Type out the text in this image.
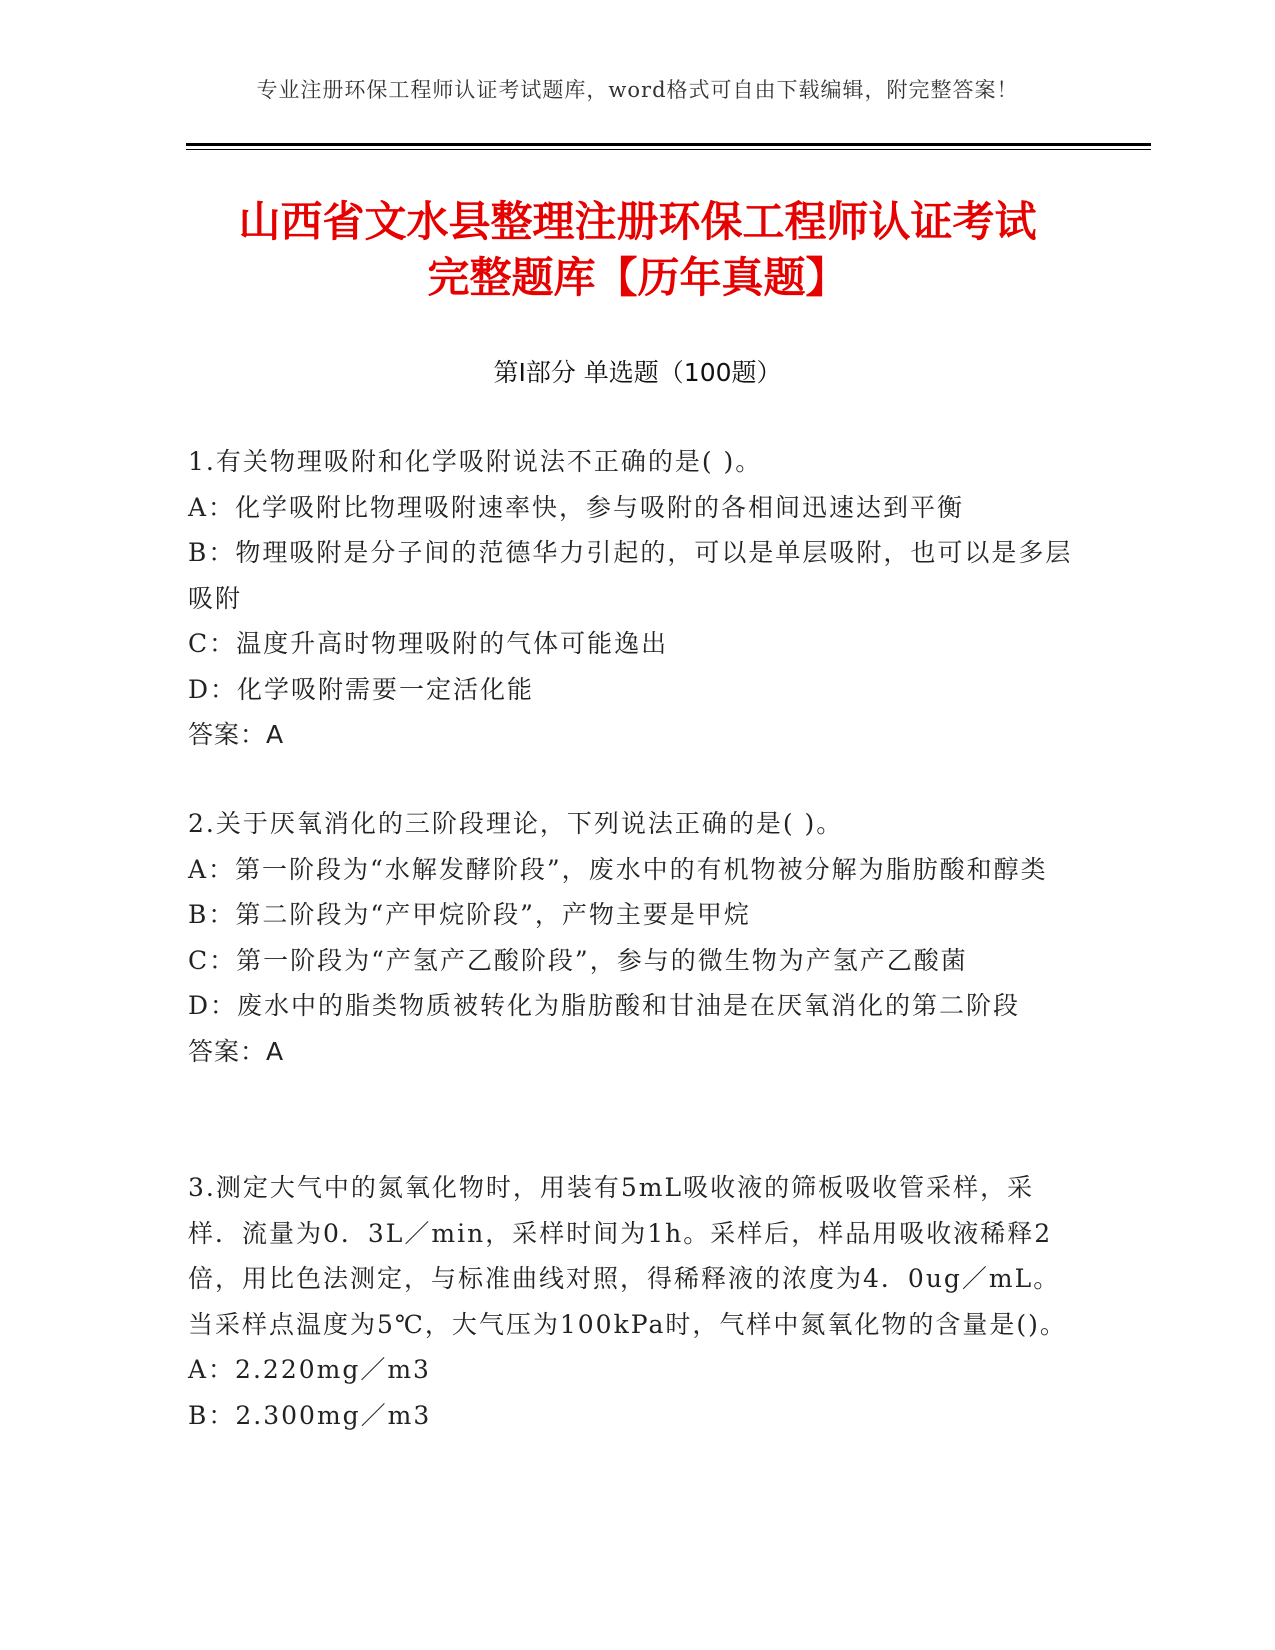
专业注册环保工程师认证考试题库，word格式可自由下载编辑，附完整答案！
山西省文水县整理注册环保工程师认证考试
完整题库【历年真题】
第Ⅰ部分 单选题（100题）

1.有关物理吸附和化学吸附说法不正确的是( )。

A：化学吸附比物理吸附速率快，参与吸附的各相间迅速达到平衡

B：物理吸附是分子间的范德华力引起的，可以是单层吸附，也可以是多层吸附

C：温度升高时物理吸附的气体可能逸出

D：化学吸附需要一定活化能

答案：A

2.关于厌氧消化的三阶段理论，下列说法正确的是( )。

A：第一阶段为“水解发酵阶段”，废水中的有机物被分解为脂肪酸和醇类

B：第二阶段为“产甲烷阶段”，产物主要是甲烷

C：第一阶段为“产氢产乙酸阶段”，参与的微生物为产氢产乙酸菌

D：废水中的脂类物质被转化为脂肪酸和甘油是在厌氧消化的第二阶段

答案：A

3.测定大气中的氮氧化物时，用装有5mL吸收液的筛板吸收管采样，采样．流量为0．3L／min，采样时间为1h。采样后，样品用吸收液稀释2倍，用比色法测定，与标准曲线对照，得稀释液的浓度为4．0ug／mL。当采样点温度为5℃，大气压为100kPa时，气样中氮氧化物的含量是()。

A：2.220mg／m3

B：2.300mg／m3
